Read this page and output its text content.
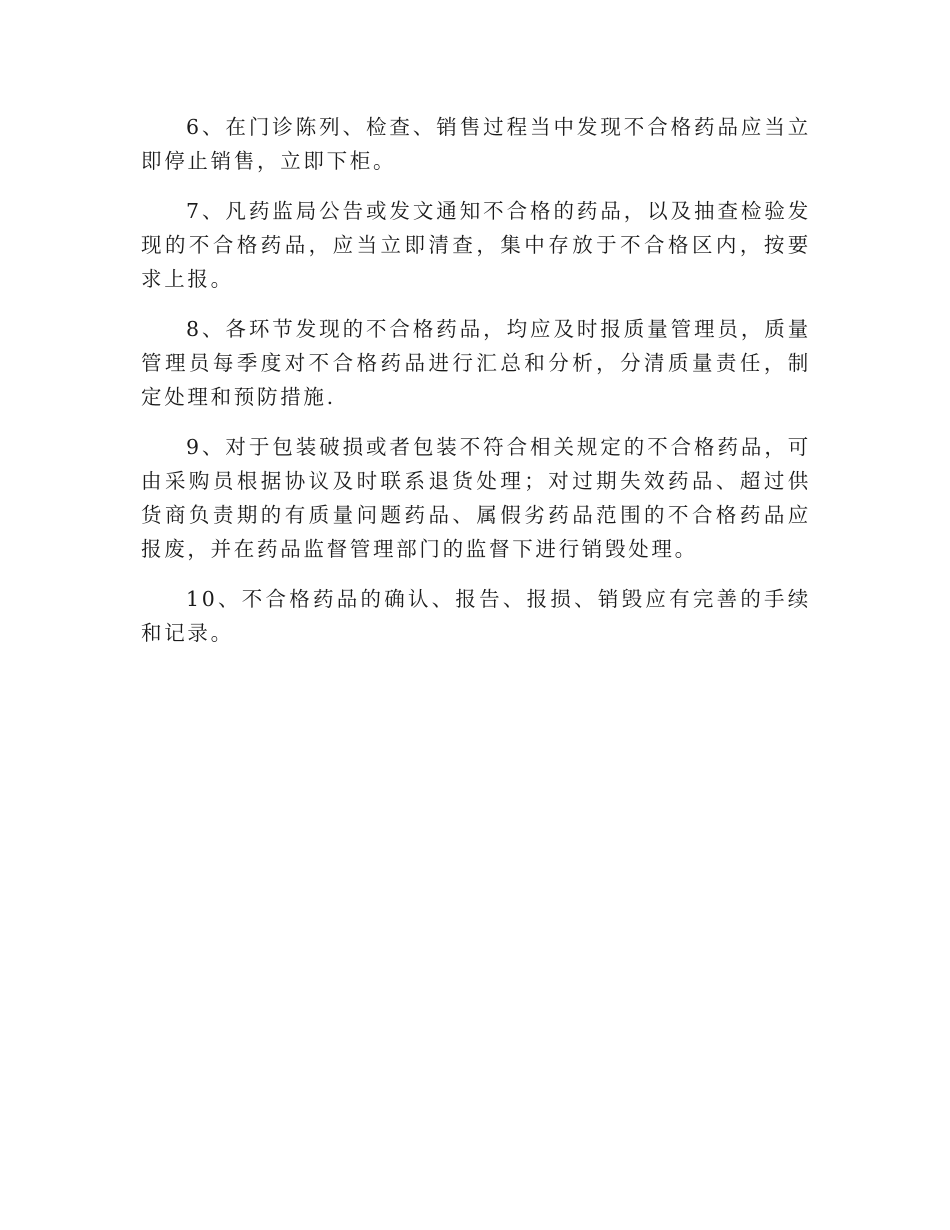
6、在门诊陈列、检查、销售过程当中发现不合格药品应当立即停止销售，立即下柜。

7、凡药监局公告或发文通知不合格的药品，以及抽查检验发现的不合格药品，应当立即清查，集中存放于不合格区内，按要求上报。

8、各环节发现的不合格药品，均应及时报质量管理员，质量管理员每季度对不合格药品进行汇总和分析，分清质量责任，制定处理和预防措施.

9、对于包装破损或者包装不符合相关规定的不合格药品，可由采购员根据协议及时联系退货处理；对过期失效药品、超过供货商负责期的有质量问题药品、属假劣药品范围的不合格药品应报废，并在药品监督管理部门的监督下进行销毁处理。

10、不合格药品的确认、报告、报损、销毁应有完善的手续和记录。
